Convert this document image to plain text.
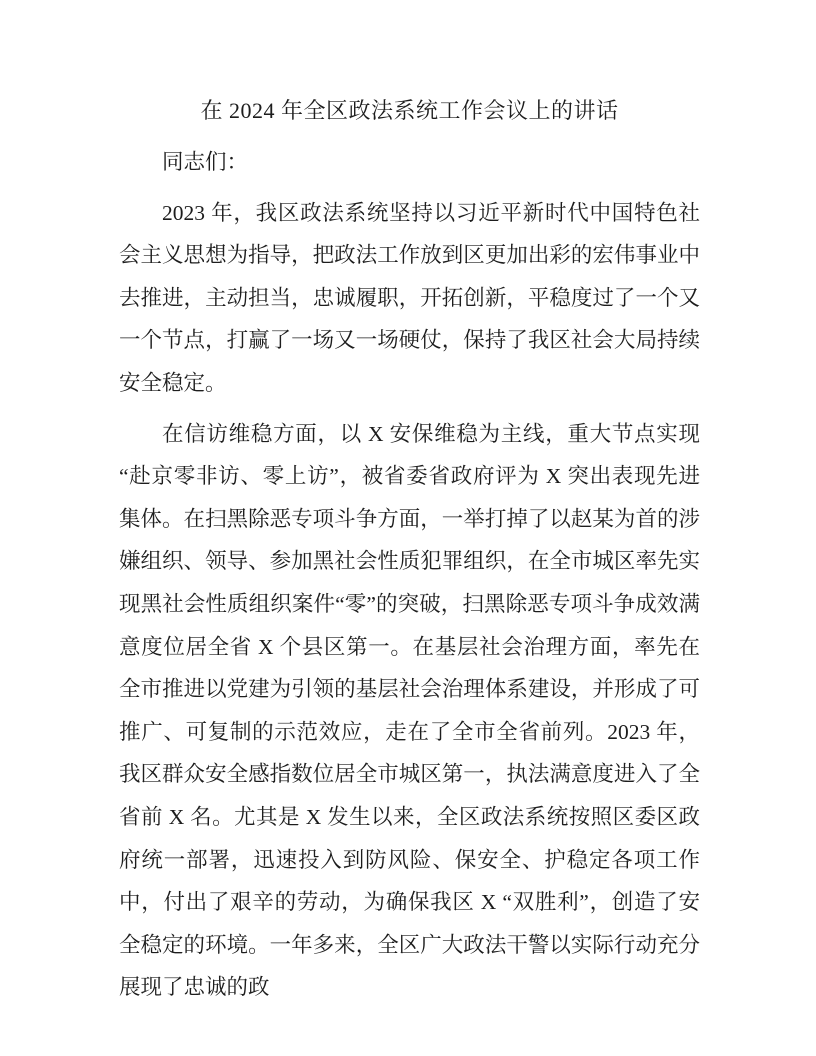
在 2024 年全区政法系统工作会议上的讲话

同志们：

2023 年，我区政法系统坚持以习近平新时代中国特色社会主义思想为指导，把政法工作放到区更加出彩的宏伟事业中去推进，主动担当，忠诚履职，开拓创新，平稳度过了一个又一个节点，打赢了一场又一场硬仗，保持了我区社会大局持续安全稳定。

在信访维稳方面，以 X 安保维稳为主线，重大节点实现“赴京零非访、零上访”，被省委省政府评为 X 突出表现先进集体。在扫黑除恶专项斗争方面，一举打掉了以赵某为首的涉嫌组织、领导、参加黑社会性质犯罪组织，在全市城区率先实现黑社会性质组织案件“零”的突破，扫黑除恶专项斗争成效满意度位居全省 X 个县区第一。在基层社会治理方面，率先在全市推进以党建为引领的基层社会治理体系建设，并形成了可推广、可复制的示范效应，走在了全市全省前列。2023 年，我区群众安全感指数位居全市城区第一，执法满意度进入了全省前 X 名。尤其是 X 发生以来，全区政法系统按照区委区政府统一部署，迅速投入到防风险、保安全、护稳定各项工作中，付出了艰辛的劳动，为确保我区 X “双胜利”，创造了安全稳定的环境。一年多来，全区广大政法干警以实际行动充分展现了忠诚的政
